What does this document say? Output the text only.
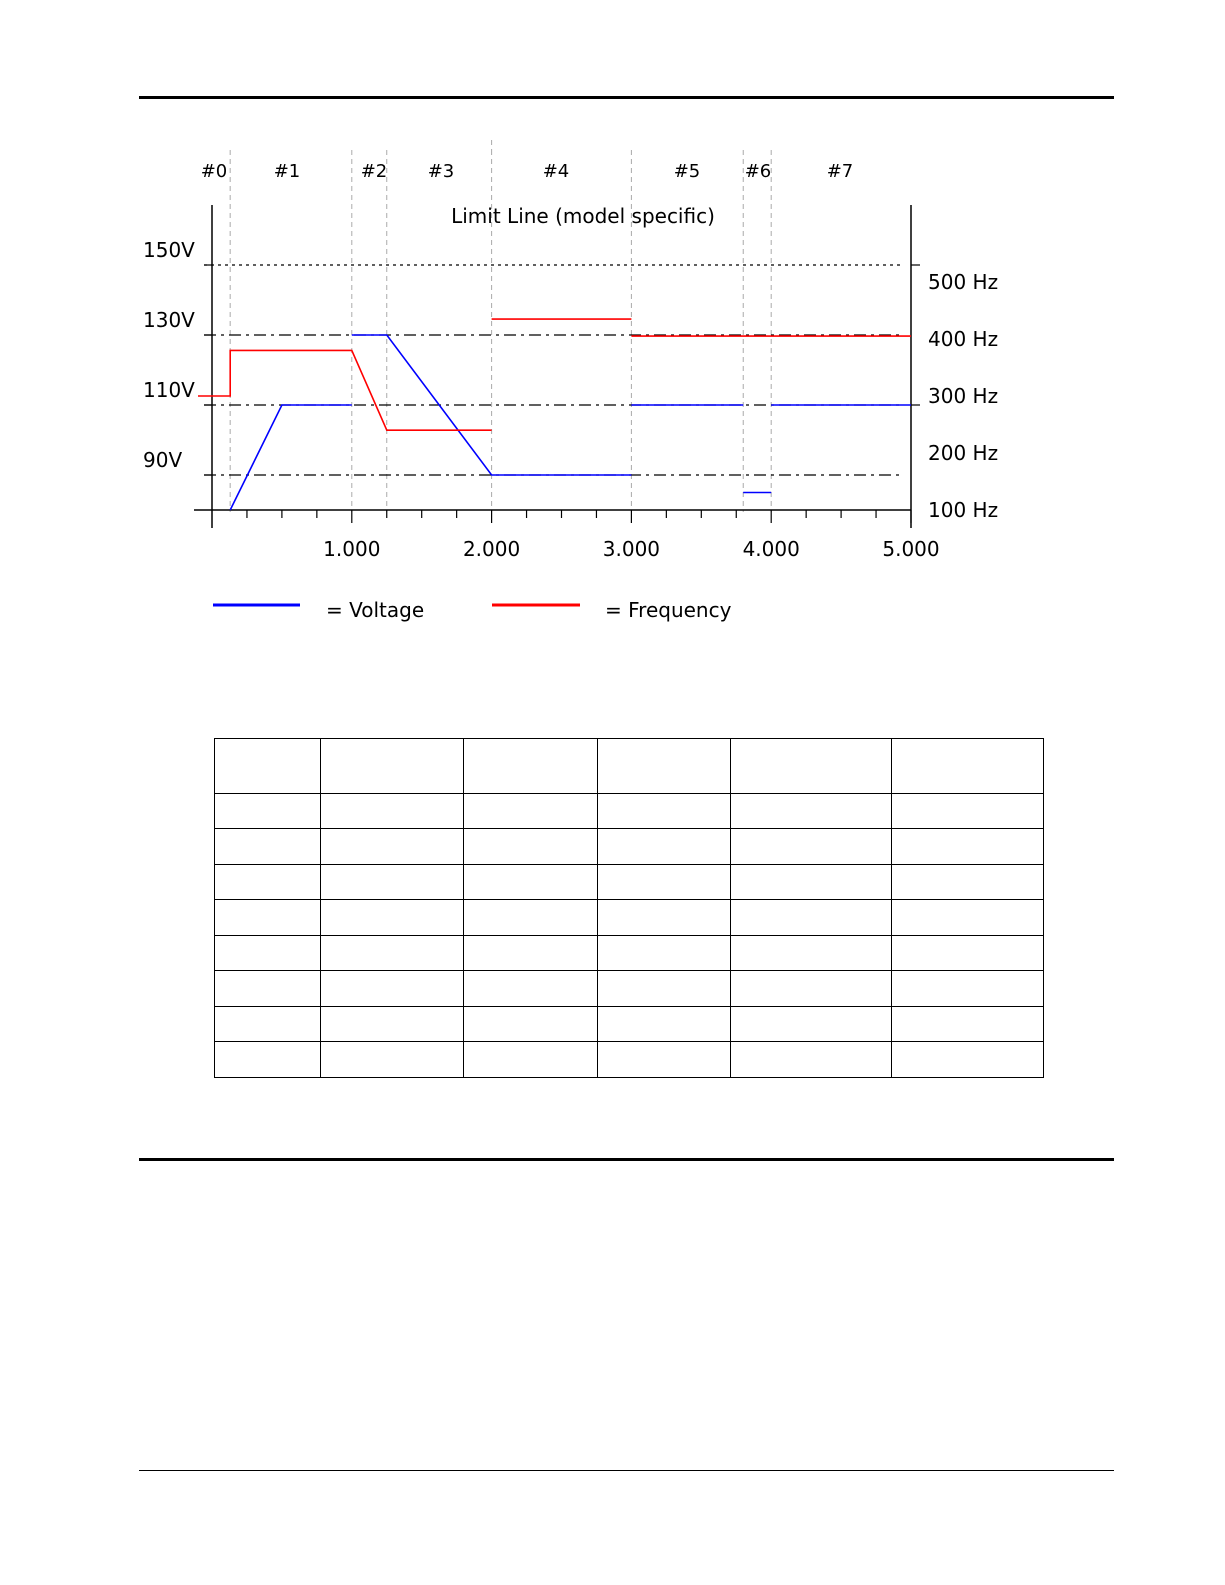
#0	#1	#2 #3	#4	#5 #6	#7
Limit Line (model specific)
1.000	2.000	3.000	4.000	5.000
150V
130V
110V
90V
500 Hz
400 Hz
300 Hz
200 Hz
100 Hz
= Voltage	= Frequency
